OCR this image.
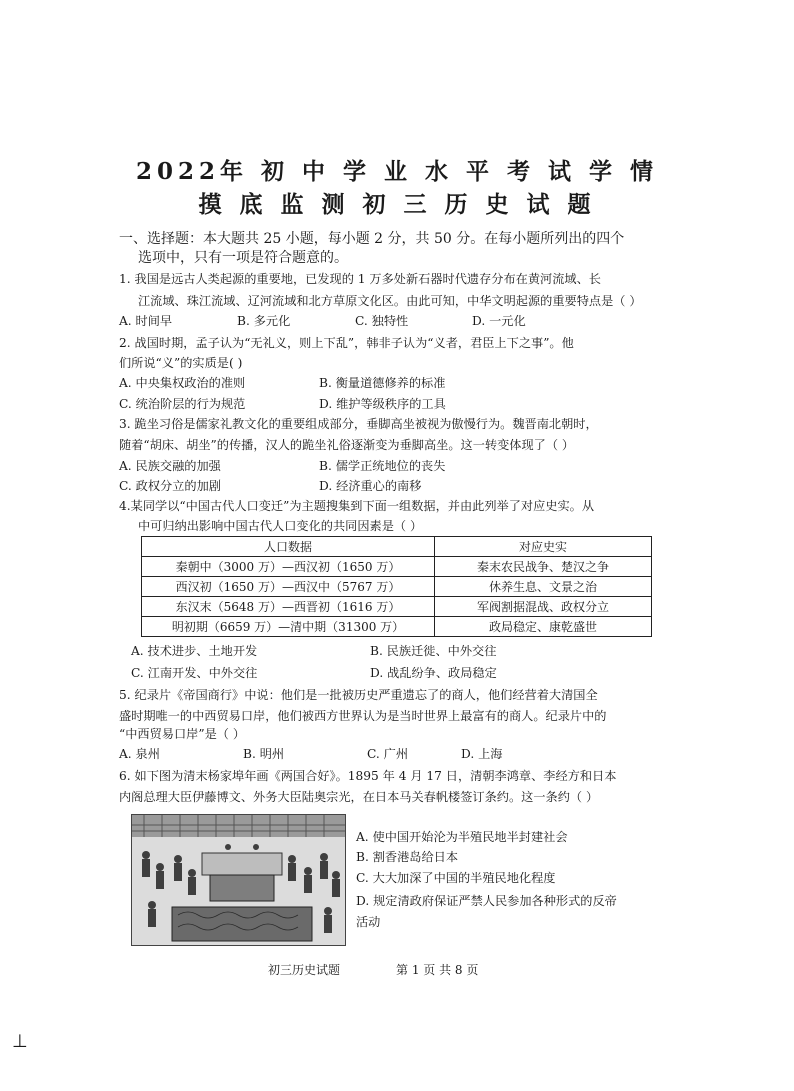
2022年 初 中 学 业 水 平 考 试 学 情
摸 底 监 测 初 三 历 史 试 题
一、选择题：本大题共 25 小题，每小题 2 分，共 50 分。在每小题所列出的四个
选项中，只有一项是符合题意的。
1. 我国是远古人类起源的重要地，已发现的 1 万多处新石器时代遗存分布在黄河流域、长
江流域、珠江流域、辽河流域和北方草原文化区。由此可知，中华文明起源的重要特点是（ ）
A. 时间早	B. 多元化	C. 独特性	D. 一元化
2. 战国时期，孟子认为“无礼义，则上下乱”，韩非子认为“义者，君臣上下之事”。他
们所说“义”的实质是( )
A. 中央集权政治的准则	B. 衡量道德修养的标准
C. 统治阶层的行为规范	D. 维护等级秩序的工具
3. 跪坐习俗是儒家礼教文化的重要组成部分，垂脚高坐被视为傲慢行为。魏晋南北朝时，
随着“胡床、胡坐”的传播，汉人的跪坐礼俗逐渐变为垂脚高坐。这一转变体现了（ ）
A. 民族交融的加强	B. 儒学正统地位的丧失
C. 政权分立的加剧	D. 经济重心的南移
4.某同学以“中国古代人口变迁”为主题搜集到下面一组数据，并由此列举了对应史实。从
中可归纳出影响中国古代人口变化的共同因素是（ ）
人口数据	对应史实
秦朝中（3000 万）—西汉初（1650 万）	秦末农民战争、楚汉之争
西汉初（1650 万）—西汉中（5767 万）	休养生息、文景之治
东汉末（5648 万）—西晋初（1616 万）	军阀割据混战、政权分立
明初期（6659 万）—清中期（31300 万）	政局稳定、康乾盛世
A. 技术进步、土地开发	B. 民族迁徙、中外交往
C. 江南开发、中外交往	D. 战乱纷争、政局稳定
5. 纪录片《帝国商行》中说：他们是一批被历史严重遗忘了的商人，他们经营着大清国全
盛时期唯一的中西贸易口岸，他们被西方世界认为是当时世界上最富有的商人。纪录片中的
“中西贸易口岸”是（ ）
A. 泉州	B. 明州	C. 广州	D. 上海
6. 如下图为清末杨家埠年画《两国合好》。1895 年 4 月 17 日，清朝李鸿章、李经方和日本
内阁总理大臣伊藤博文、外务大臣陆奥宗光，在日本马关春帆楼签订条约。这一条约（ ）
A. 使中国开始沦为半殖民地半封建社会
B. 割香港岛给日本
C. 大大加深了中国的半殖民地化程度
D. 规定清政府保证严禁人民参加各种形式的反帝
活动
初三历史试题	第 1 页 共 8 页
⊥
